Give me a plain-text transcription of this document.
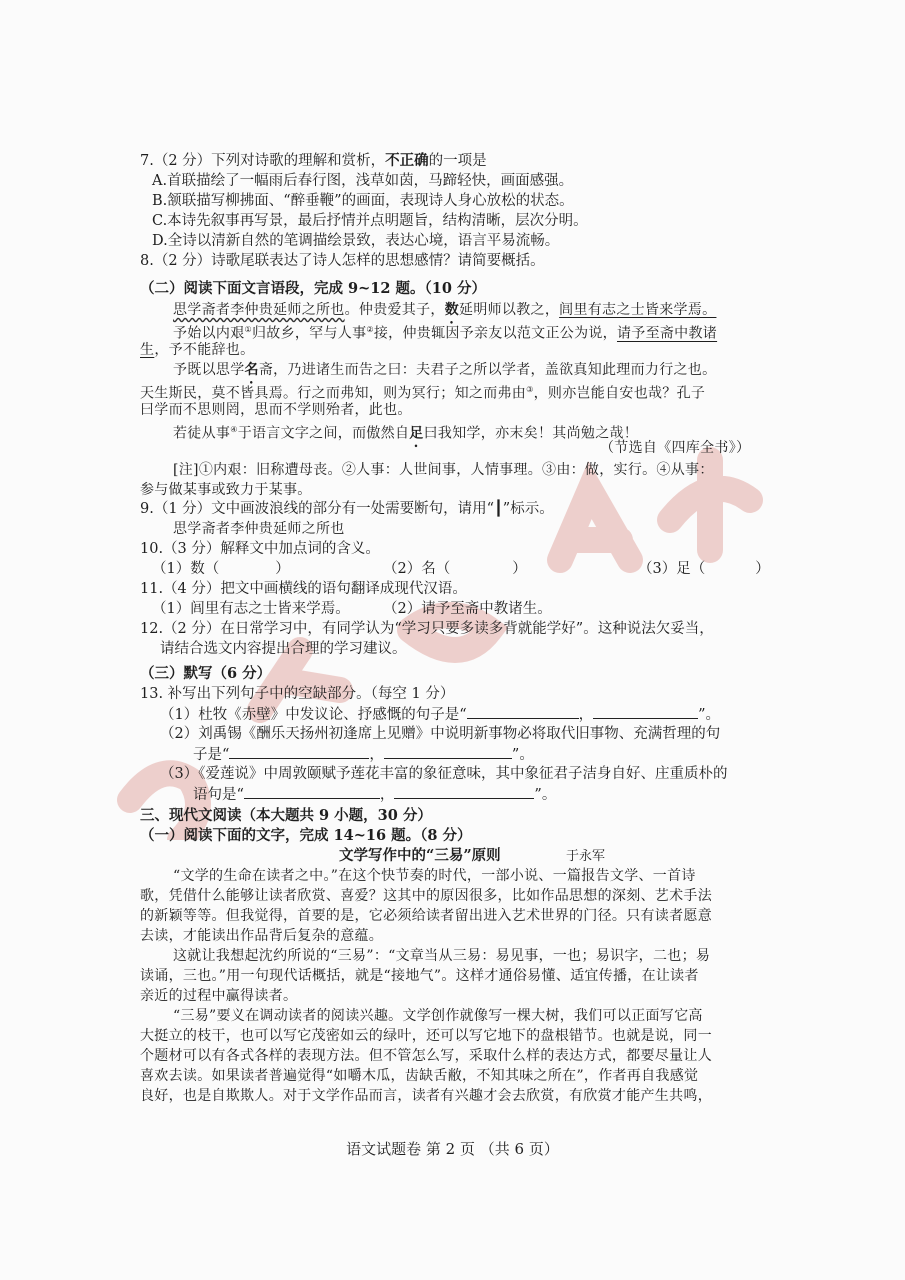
7.（2 分）下列对诗歌的理解和赏析，不正确的一项是
A.首联描绘了一幅雨后春行图，浅草如茵，马蹄轻快，画面感强。
B.颔联描写柳拂面、“醉垂鞭”的画面，表现诗人身心放松的状态。
C.本诗先叙事再写景，最后抒情并点明题旨，结构清晰，层次分明。
D.全诗以清新自然的笔调描绘景致，表达心境，语言平易流畅。
8.（2 分）诗歌尾联表达了诗人怎样的思想感情？请简要概括。
（二）阅读下面文言语段，完成 9~12 题。（10 分）
思学斋者李仲贵延师之所也。仲贵爱其子，数延明师以教之，闾里有志之士皆来学焉。
予始以内艰①归故乡，罕与人事②接，仲贵辄因予亲友以范文正公为说，请予至斋中教诸
生，予不能辞也。
予既以思学名斋，乃进诸生而告之曰：夫君子之所以学者，盖欲真知此理而力行之也。
天生斯民，莫不皆具焉。行之而弗知，则为冥行；知之而弗由③，则亦岂能自安也哉？孔子
曰学而不思则罔，思而不学则殆者，此也。
若徒从事④于语言文字之间，而傲然自足曰我知学，亦末矣！其尚勉之哉！
（节选自《四库全书》）
[注]①内艰：旧称遭母丧。②人事：人世间事，人情事理。③由：做，实行。④从事：
参与做某事或致力于某事。
9.（1 分）文中画波浪线的部分有一处需要断句，请用“┃”标示。
思学斋者李仲贵延师之所也
10.（3 分）解释文中加点词的含义。
（1）数（	）	（2）名（	）	（3）足（	）
11.（4 分）把文中画横线的语句翻译成现代汉语。
（1）闾里有志之士皆来学焉。 （2）请予至斋中教诸生。
12.（2 分）在日常学习中，有同学认为“学习只要多读多背就能学好”。这种说法欠妥当，
请结合选文内容提出合理的学习建议。
（三）默写（6 分）
13. 补写出下列句子中的空缺部分。（每空 1 分）
（1）杜牧《赤壁》中发议论、抒感慨的句子是“	，	”。
（2）刘禹锡《酬乐天扬州初逢席上见赠》中说明新事物必将取代旧事物、充满哲理的句
子是“	，	”。
（3）《爱莲说》中周敦颐赋予莲花丰富的象征意味，其中象征君子洁身自好、庄重质朴的
语句是“	，	”。
三、现代文阅读（本大题共 9 小题，30 分）
（一）阅读下面的文字，完成 14~16 题。（8 分）
文学写作中的“三易”原则	于永军
“文学的生命在读者之中。”在这个快节奏的时代，一部小说、一篇报告文学、一首诗
歌，凭借什么能够让读者欣赏、喜爱？这其中的原因很多，比如作品思想的深刻、艺术手法
的新颖等等。但我觉得，首要的是，它必须给读者留出进入艺术世界的门径。只有读者愿意
去读，才能读出作品背后复杂的意蕴。
这就让我想起沈约所说的“三易”：“文章当从三易：易见事，一也；易识字，二也；易
读诵，三也。”用一句现代话概括，就是“接地气”。这样才通俗易懂、适宜传播，在让读者
亲近的过程中赢得读者。
“三易”要义在调动读者的阅读兴趣。文学创作就像写一棵大树，我们可以正面写它高
大挺立的枝干，也可以写它茂密如云的绿叶，还可以写它地下的盘根错节。也就是说，同一
个题材可以有各式各样的表现方法。但不管怎么写，采取什么样的表达方式，都要尽量让人
喜欢去读。如果读者普遍觉得“如嚼木瓜，齿缺舌敝，不知其味之所在”，作者再自我感觉
良好，也是自欺欺人。对于文学作品而言，读者有兴趣才会去欣赏，有欣赏才能产生共鸣，
语文试题卷 第 2 页 （共 6 页）
